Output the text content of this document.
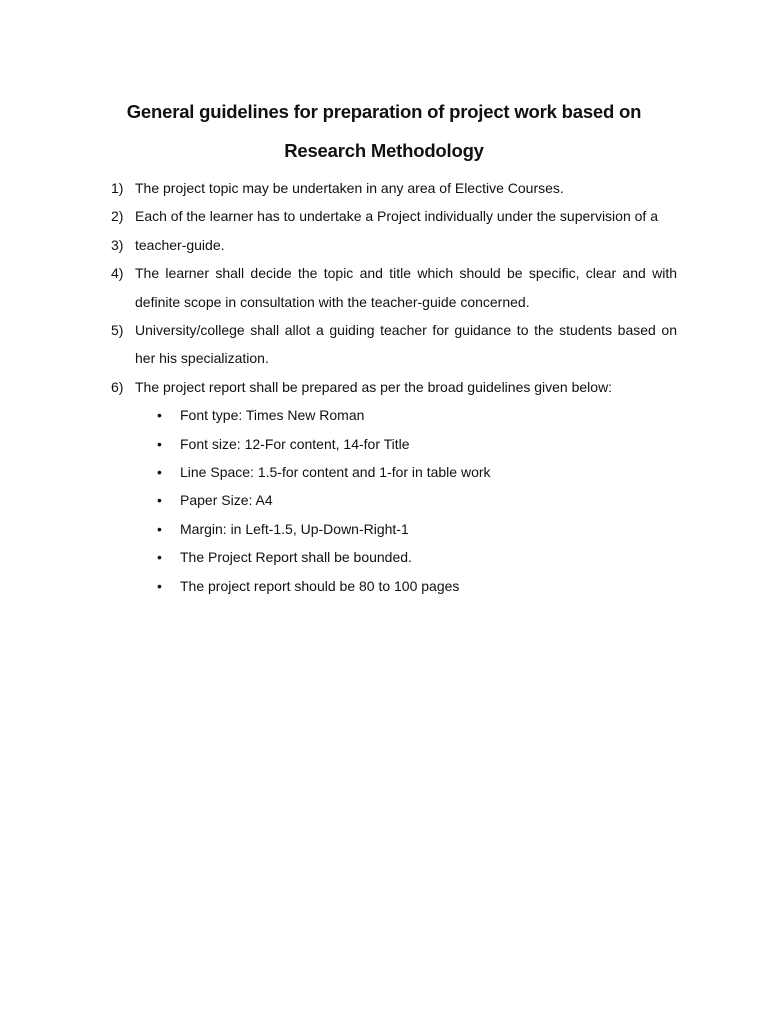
General guidelines for preparation of project work based on Research Methodology
1) The project topic may be undertaken in any area of Elective Courses.
2) Each of the learner has to undertake a Project individually under the supervision of a
3) teacher-guide.
4) The learner shall decide the topic and title which should be specific, clear and with definite scope in consultation with the teacher-guide concerned.
5) University/college shall allot a guiding teacher for guidance to the students based on her his specialization.
6) The project report shall be prepared as per the broad guidelines given below:
• Font type: Times New Roman
• Font size: 12-For content, 14-for Title
• Line Space: 1.5-for content and 1-for in table work
• Paper Size: A4
• Margin: in Left-1.5, Up-Down-Right-1
• The Project Report shall be bounded.
• The project report should be 80 to 100 pages
